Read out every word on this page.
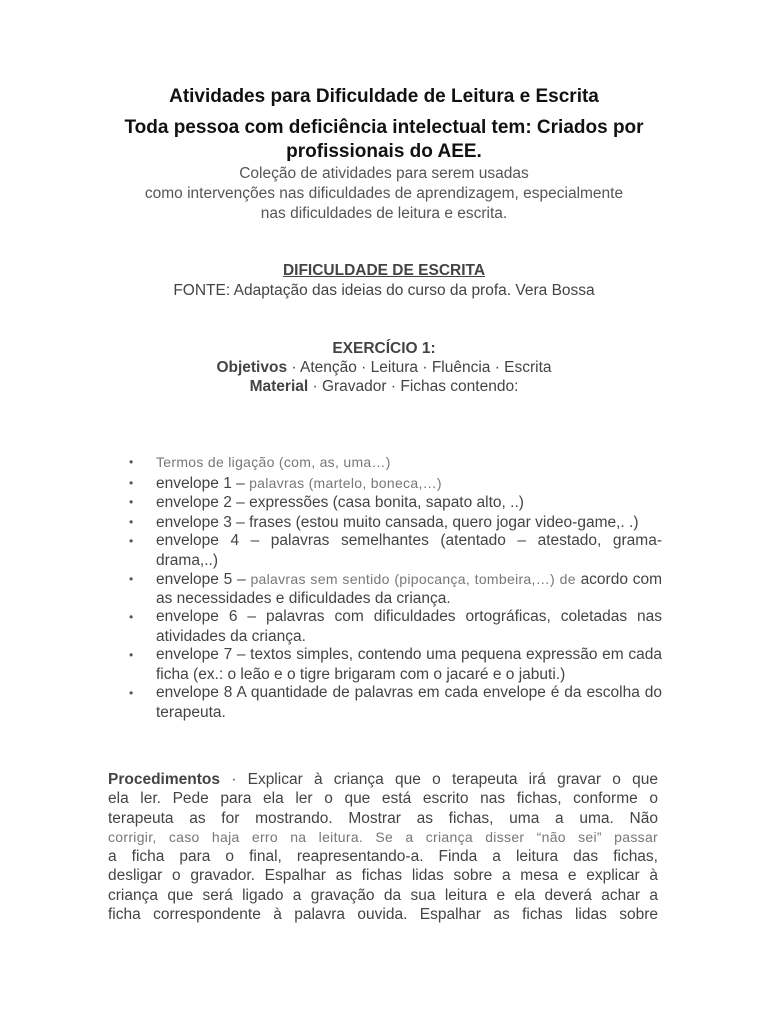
Atividades para Dificuldade de Leitura e Escrita
Toda pessoa com deficiência intelectual tem: Criados por profissionais do AEE.
Coleção de atividades para serem usadas
como intervenções nas dificuldades de aprendizagem, especialmente
nas dificuldades de leitura e escrita.
DIFICULDADE DE ESCRITA
FONTE: Adaptação das ideias do curso da profa. Vera Bossa
EXERCÍCIO 1:
Objetivos · Atenção · Leitura · Fluência · Escrita
Material · Gravador · Fichas contendo:
• Termos de ligação (com, as, uma…)
• envelope 1 – palavras (martelo, boneca,…)
• envelope 2 – expressões (casa bonita, sapato alto, ..)
• envelope 3 – frases (estou muito cansada, quero jogar video-game,. .)
• envelope 4 – palavras semelhantes (atentado – atestado, grama-drama,..)
• envelope 5 – palavras sem sentido (pipocança, tombeira,…) de acordo com as necessidades e dificuldades da criança.
• envelope 6 – palavras com dificuldades ortográficas, coletadas nas atividades da criança.
• envelope 7 – textos simples, contendo uma pequena expressão em cada ficha (ex.: o leão e o tigre brigaram com o jacaré e o jabuti.)
• envelope 8 A quantidade de palavras em cada envelope é da escolha do terapeuta.
Procedimentos · Explicar à criança que o terapeuta irá gravar o que
ela ler. Pede para ela ler o que está escrito nas fichas, conforme o
terapeuta as for mostrando. Mostrar as fichas, uma a uma. Não
corrigir, caso haja erro na leitura. Se a criança disser “não sei” passar
a ficha para o final, reapresentando-a. Finda a leitura das fichas,
desligar o gravador. Espalhar as fichas lidas sobre a mesa e explicar à
criança que será ligado a gravação da sua leitura e ela deverá achar a
ficha correspondente à palavra ouvida. Espalhar as fichas lidas sobre
